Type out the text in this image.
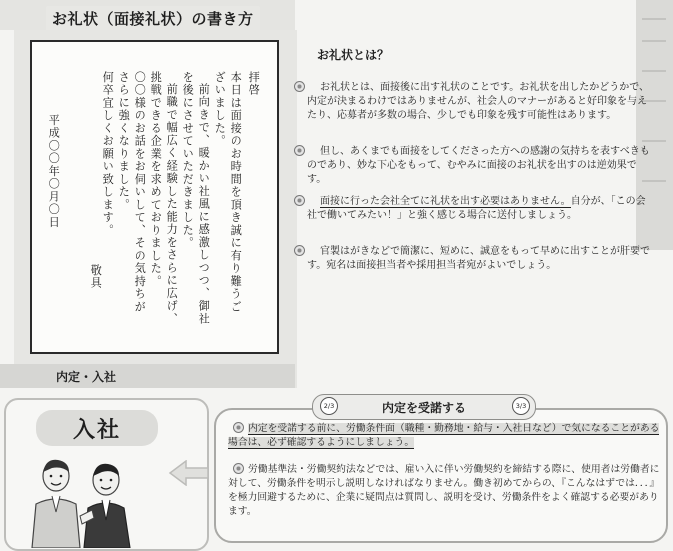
お礼状（面接礼状）の書き方
拝啓
本日は面接のお時間を頂き誠に有り難うご
ざいました。
前向きで、暖かい社風に感激しつつ、御社
を後にさせていただきました。
前職で幅広く経験した能力をさらに広げ、
挑戦できる企業を求めておりました。
〇〇様のお話をお伺いして、その気持ちが
さらに強くなりました。
何卒宜しくお願い致します。
敬具
平成〇〇年〇月〇日
お礼状とは？
お礼状とは、面接後に出す礼状のことです。お礼状を出したかどうかで、内定が決まるわけではありませんが、社会人のマナーがあると好印象を与えたり、応募者が多数の場合、少しでも印象を残す可能性はあります。
但し、あくまでも面接をしてくださった方への感謝の気持ちを表すべきものであり、妙な下心をもって、むやみに面接のお礼状を出すのは逆効果です。
面接に行った会社全てに礼状を出す必要はありません。自分が、「この会社で働いてみたい！」と強く感じる場合に送付しましょう。
官製はがきなどで簡潔に、短めに、誠意をもって早めに出すことが肝要です。宛名は面接担当者や採用担当者宛がよいでしょう。
内定・入社
入社
内定を受諾する
2/3	3/3
内定を受諾する前に、労働条件面（職種・勤務地・給与・入社日など）で気になることがある場合は、必ず確認するようにしましょう。
労働基準法・労働契約法などでは、雇い入に伴い労働契約を締結する際に、使用者は労働者に対して、労働条件を明示し説明しなければなりません。働き初めてからの、『こんなはずでは．．．』を極力回避するために、企業に疑問点は質問し、説明を受け、労働条件をよく確認する必要があります。
